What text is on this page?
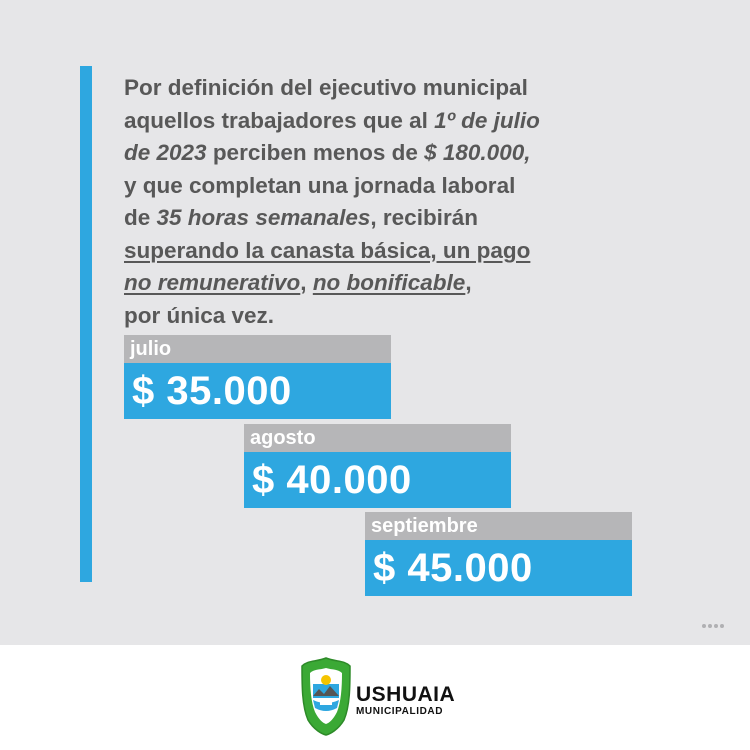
Por definición del ejecutivo municipal
aquellos trabajadores que al 1º de julio
de 2023 perciben menos de $ 180.000,
y que completan una jornada laboral
de 35 horas semanales, recibirán
superando la canasta básica, un pago
no remunerativo, no bonificable,
por única vez.

julio
$ 35.000
agosto
$ 40.000
septiembre
$ 45.000
USHUAIA
MUNICIPALIDAD
